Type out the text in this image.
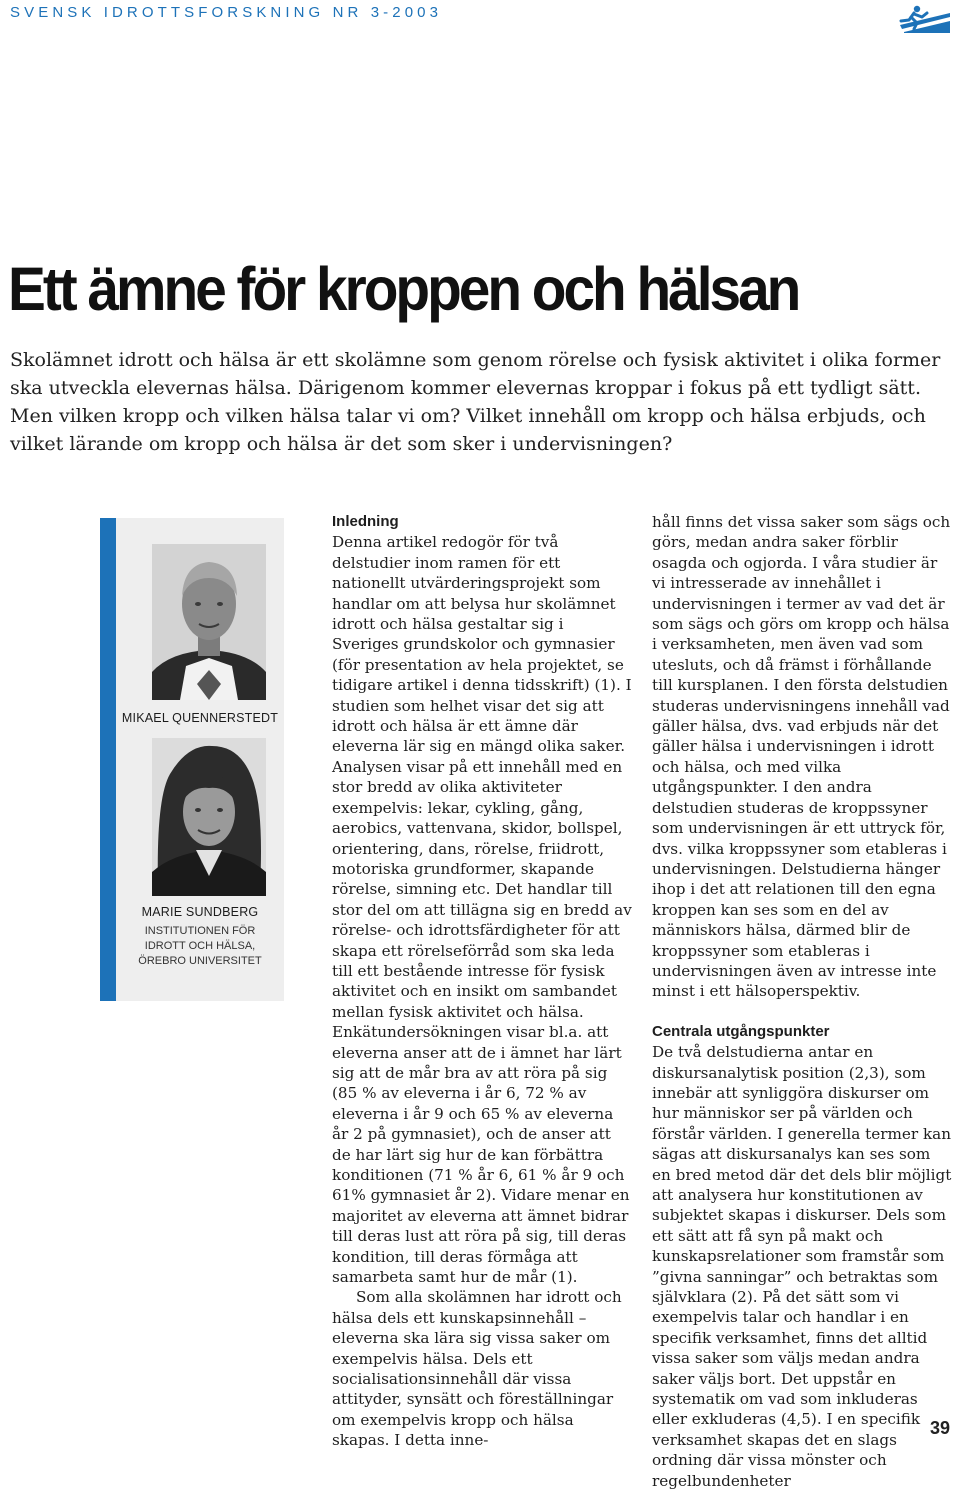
SVENSK IDROTTSFORSKNING NR 3-2003
Ett ämne för kroppen och hälsan

Skolämnet idrott och hälsa är ett skolämne som genom rörelse och fysisk aktivitet i olika former ska utveckla elevernas hälsa. Därigenom kommer elevernas kroppar i fokus på ett tydligt sätt. Men vilken kropp och vilken hälsa talar vi om? Vilket innehåll om kropp och hälsa erbjuds, och vilket lärande om kropp och hälsa är det som sker i undervisningen?

MIKAEL QUENNERSTEDT
MARIE SUNDBERG
INSTITUTIONEN FÖR
IDROTT OCH HÄLSA,
ÖREBRO UNIVERSITET
Inledning

Denna artikel redogör för två delstudier inom ramen för ett nationellt utvärderingsprojekt som handlar om att belysa hur skolämnet idrott och hälsa gestaltar sig i Sveriges grundskolor och gymnasier (för presentation av hela projektet, se tidigare artikel i denna tidsskrift) (1). I studien som helhet visar det sig att idrott och hälsa är ett ämne där eleverna lär sig en mängd olika saker. Analysen visar på ett innehåll med en stor bredd av olika aktiviteter exempelvis: lekar, cykling, gång, aerobics, vattenvana, skidor, bollspel, orientering, dans, rörelse, friidrott, motoriska grundformer, skapande rörelse, simning etc. Det handlar till stor del om att tillägna sig en bredd av rörelse- och idrottsfärdigheter för att skapa ett rörelseförråd som ska leda till ett bestående intresse för fysisk aktivitet och en insikt om sambandet mellan fysisk aktivitet och hälsa. Enkätundersökningen visar bl.a. att eleverna anser att de i ämnet har lärt sig att de mår bra av att röra på sig (85 % av eleverna i år 6, 72 % av eleverna i år 9 och 65 % av eleverna år 2 på gymnasiet), och de anser att de har lärt sig hur de kan förbättra konditionen (71 % år 6, 61 % år 9 och 61% gymnasiet år 2). Vidare menar en majoritet av eleverna att ämnet bidrar till deras lust att röra på sig, till deras kondition, till deras förmåga att samarbeta samt hur de mår (1).

Som alla skolämnen har idrott och hälsa dels ett kunskapsinnehåll – eleverna ska lära sig vissa saker om exempelvis hälsa. Dels ett socialisationsinnehåll där vissa attityder, synsätt och föreställningar om exempelvis kropp och hälsa skapas. I detta inne-

håll finns det vissa saker som sägs och görs, medan andra saker förblir osagda och ogjorda. I våra studier är vi intresserade av innehållet i undervisningen i termer av vad det är som sägs och görs om kropp och hälsa i verksamheten, men även vad som utesluts, och då främst i förhållande till kursplanen. I den första delstudien studeras undervisningens innehåll vad gäller hälsa, dvs. vad erbjuds när det gäller hälsa i undervisningen i idrott och hälsa, och med vilka utgångspunkter. I den andra delstudien studeras de kroppssyner som undervisningen är ett uttryck för, dvs. vilka kroppssyner som etableras i undervisningen. Delstudierna hänger ihop i det att relationen till den egna kroppen kan ses som en del av människors hälsa, därmed blir de kroppssyner som etableras i undervisningen även av intresse inte minst i ett hälsoperspektiv.

Centrala utgångspunkter

De två delstudierna antar en diskursanalytisk position (2,3), som innebär att synliggöra diskurser om hur människor ser på världen och förstår världen. I generella termer kan sägas att diskursanalys kan ses som en bred metod där det dels blir möjligt att analysera hur konstitutionen av subjektet skapas i diskurser. Dels som ett sätt att få syn på makt och kunskapsrelationer som framstår som ”givna sanningar” och betraktas som självklara (2). På det sätt som vi exempelvis talar och handlar i en specifik verksamhet, finns det alltid vissa saker som väljs medan andra saker väljs bort. Det uppstår en systematik om vad som inkluderas eller exkluderas (4,5). I en specifik verksamhet skapas det en slags ordning där vissa mönster och regelbundenheter

39
